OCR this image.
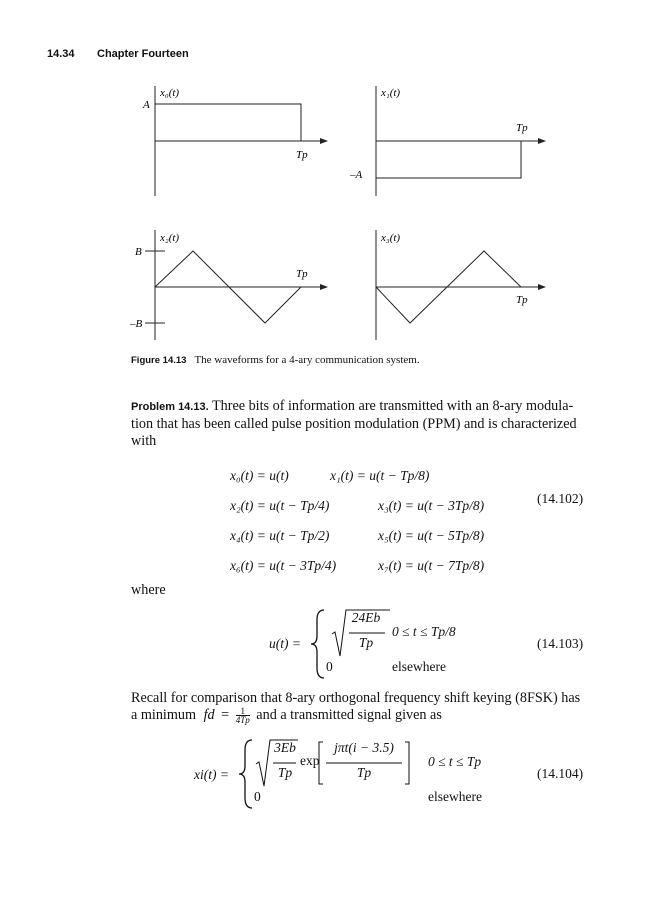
14.34 Chapter Fourteen
x₀(t)
A
Tp
x₁(t)
–A
Tp
x₂(t)
B
–B
Tp
x₃(t)
Tp
Figure 14.13 The waveforms for a 4-ary communication system.
Problem 14.13. Three bits of information are transmitted with an 8-ary modula-
tion that has been called pulse position modulation (PPM) and is characterized
with
x₀(t) = u(t)	x₁(t) = u(t − Tp/8)
x₂(t) = u(t − Tp/4)	x₃(t) = u(t − 3Tp/8)
x₄(t) = u(t − Tp/2)	x₅(t) = u(t − 5Tp/8)
x₆(t) = u(t − 3Tp/4)	x₇(t) = u(t − 7Tp/8)
(14.102)
where
u(t) =
24Eb
Tp
0 ≤ t ≤ Tp/8
0	elsewhere
(14.103)
Recall for comparison that 8-ary orthogonal frequency shift keying (8FSK) has
a minimum fd = $\frac{1}{4Tp}$ and a transmitted signal given as
xi(t) =
3Eb
Tp
exp
jπt(i − 3.5)
Tp
0 ≤ t ≤ Tp
0	elsewhere
(14.104)
